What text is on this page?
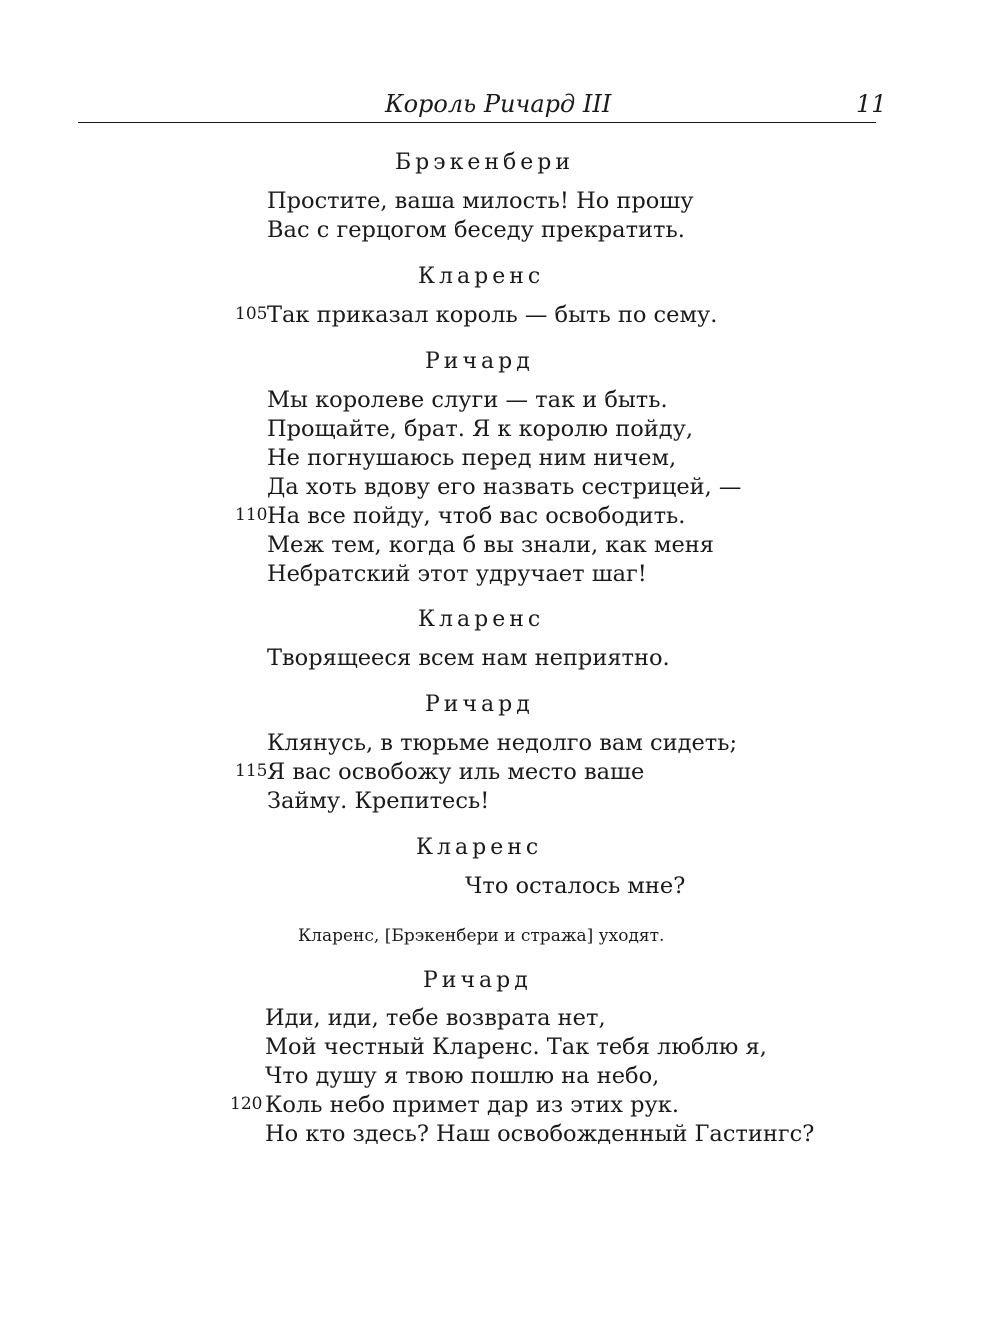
Король Ричард III	11
Брэкенбери
Простите, ваша милость! Но прошу
Вас с герцогом беседу прекратить.
Кларенс
105 Так приказал король — быть по сему.
Ричард
Мы королеве слуги — так и быть.
Прощайте, брат. Я к королю пойду,
Не погнушаюсь перед ним ничем,
Да хоть вдову его назвать сестрицей, —
110 На все пойду, чтоб вас освободить.
Меж тем, когда б вы знали, как меня
Небратский этот удручает шаг!
Кларенс
Творящееся всем нам неприятно.
Ричард
Клянусь, в тюрьме недолго вам сидеть;
115 Я вас освобожу иль место ваше
Займу. Крепитесь!
Кларенс
Что осталось мне?
Кларенс, [Брэкенбери и стража] уходят.
Ричард
Иди, иди, тебе возврата нет,
Мой честный Кларенс. Так тебя люблю я,
Что душу я твою пошлю на небо,
120 Коль небо примет дар из этих рук.
Но кто здесь? Наш освобожденный Гастингс?
